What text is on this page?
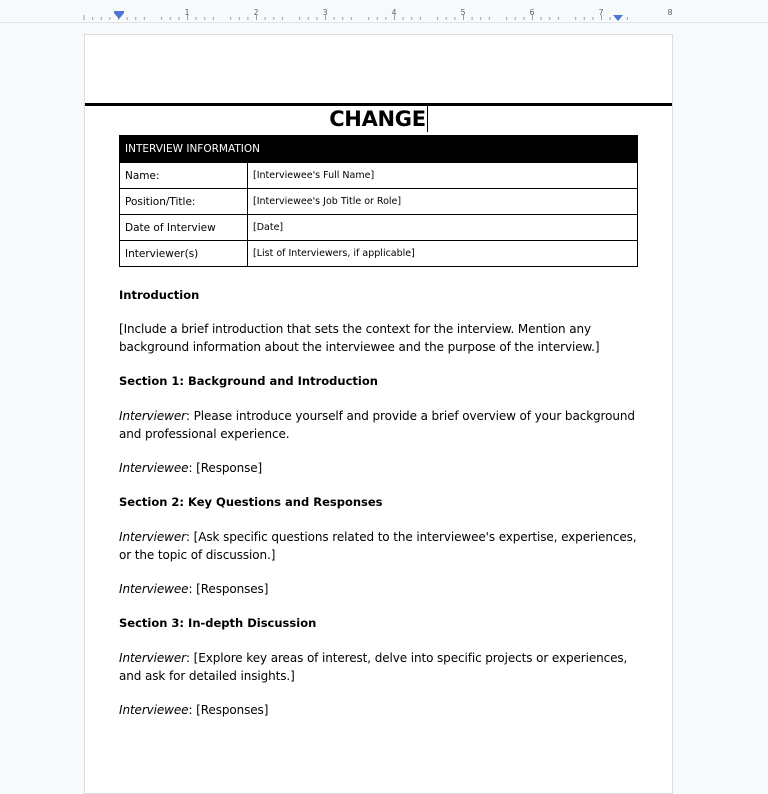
1	2	3	4	5	6	7	8
CHANGE
INTERVIEW INFORMATION	
Name:	[Interviewee's Full Name]
Position/Title:	[Interviewee's Job Title or Role]
Date of Interview	[Date]
Interviewer(s)	[List of Interviewers, if applicable]
Introduction
[Include a brief introduction that sets the context for the interview. Mention any background information about the interviewee and the purpose of the interview.]
Section 1: Background and Introduction
Interviewer: Please introduce yourself and provide a brief overview of your background and professional experience.
Interviewee: [Response]
Section 2: Key Questions and Responses
Interviewer: [Ask specific questions related to the interviewee's expertise, experiences, or the topic of discussion.]
Interviewee: [Responses]
Section 3: In-depth Discussion
Interviewer: [Explore key areas of interest, delve into specific projects or experiences, and ask for detailed insights.]
Interviewee: [Responses]
